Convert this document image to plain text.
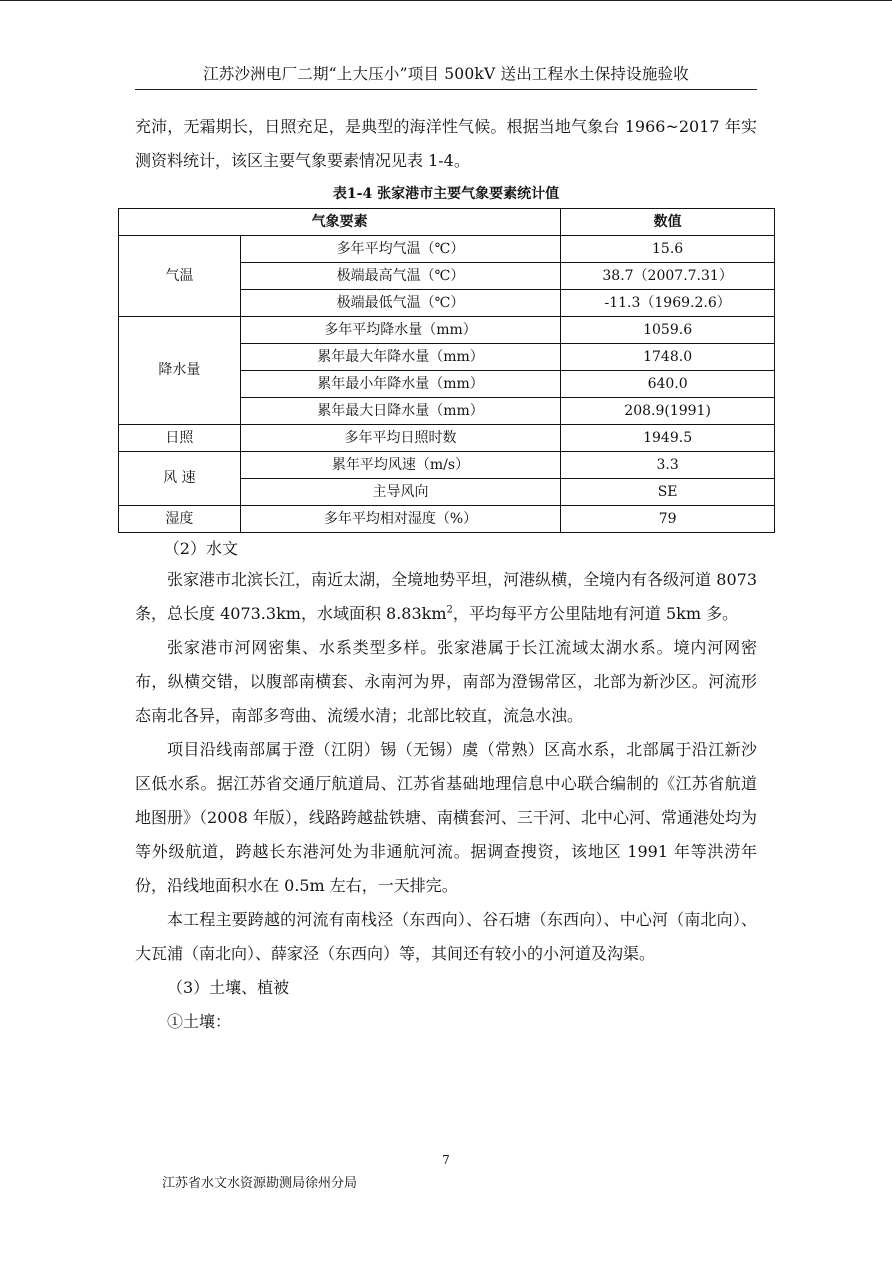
江苏沙洲电厂二期“上大压小”项目 500kV 送出工程水土保持设施验收

充沛，无霜期长，日照充足，是典型的海洋性气候。根据当地气象台 1966~2017 年实测资料统计，该区主要气象要素情况见表 1-4。

表1-4 张家港市主要气象要素统计值
气象要素		数值
气温	多年平均气温（℃）	15.6
	极端最高气温（℃）	38.7（2007.7.31）
	极端最低气温（℃）	-11.3（1969.2.6）
降水量	多年平均降水量（mm）	1059.6
	累年最大年降水量（mm）	1748.0
	累年最小年降水量（mm）	640.0
	累年最大日降水量（mm）	208.9(1991)
日照	多年平均日照时数	1949.5
风 速	累年平均风速（m/s）	3.3
	主导风向	SE
湿度	多年平均相对湿度（%）	79
（2）水文

张家港市北滨长江，南近太湖，全境地势平坦，河港纵横，全境内有各级河道 8073 条，总长度 4073.3km，水域面积 $8.83km^2$，平均每平方公里陆地有河道 5km 多。

张家港市河网密集、水系类型多样。张家港属于长江流域太湖水系。境内河网密布，纵横交错，以腹部南横套、永南河为界，南部为澄锡常区，北部为新沙区。河流形态南北各异，南部多弯曲、流缓水清；北部比较直，流急水浊。

项目沿线南部属于澄（江阴）锡（无锡）虞（常熟）区高水系，北部属于沿江新沙区低水系。据江苏省交通厅航道局、江苏省基础地理信息中心联合编制的《江苏省航道地图册》（2008 年版），线路跨越盐铁塘、南横套河、三干河、北中心河、常通港处均为等外级航道，跨越长东港河处为非通航河流。据调查搜资，该地区 1991 年等洪涝年份，沿线地面积水在 0.5m 左右，一天排完。

本工程主要跨越的河流有南栈泾（东西向）、谷石塘（东西向）、中心河（南北向）、大瓦浦（南北向）、薛家泾（东西向）等，其间还有较小的小河道及沟渠。

（3）土壤、植被

①土壤：

7
江苏省水文水资源勘测局徐州分局
